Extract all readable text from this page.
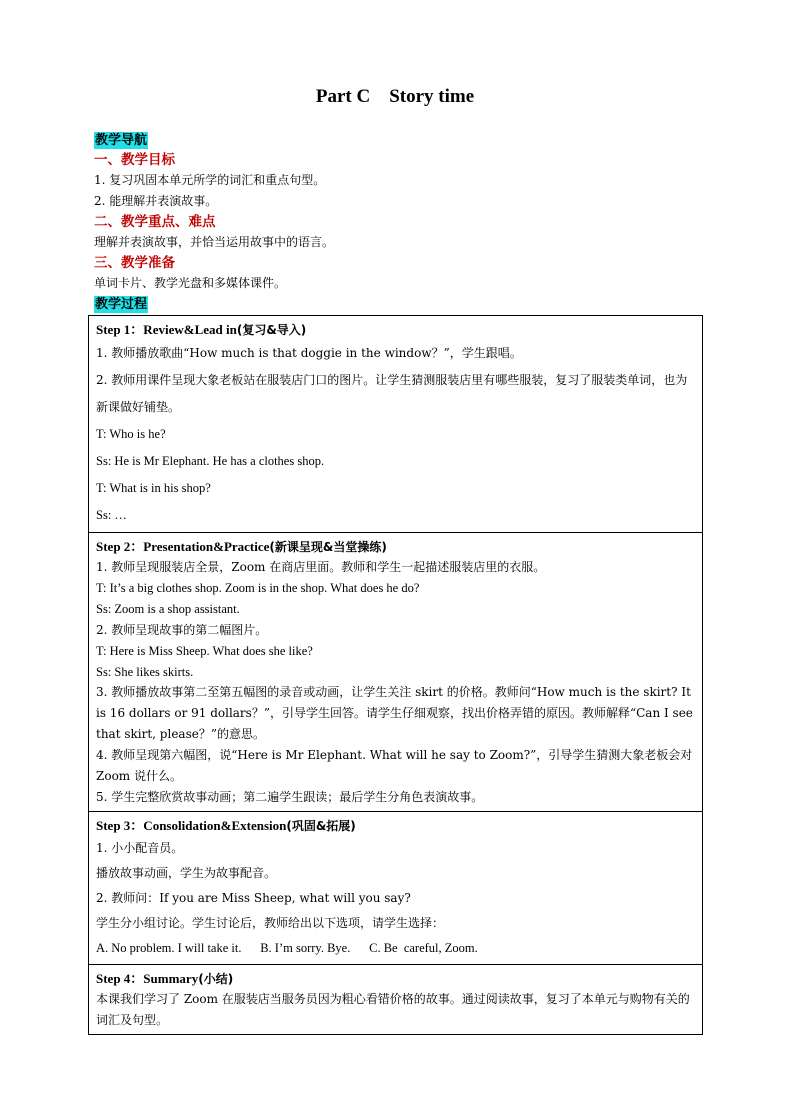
Part C    Story time
教学导航
一、教学目标
1. 复习巩固本单元所学的词汇和重点句型。
2. 能理解并表演故事。
二、教学重点、难点
理解并表演故事，并恰当运用故事中的语言。
三、教学准备
单词卡片、教学光盘和多媒体课件。
教学过程
Step 1：Review&Lead in(复习&导入)
1. 教师播放歌曲“How much is that doggie in the window？”，学生跟唱。
2. 教师用课件呈现大象老板站在服装店门口的图片。让学生猜测服装店里有哪些服装，复习了服装类单词，也为新课做好铺垫。
T: Who is he?
Ss: He is Mr Elephant. He has a clothes shop.
T: What is in his shop?
Ss: …

Step 2：Presentation&Practice(新课呈现&当堂操练)
1. 教师呈现服装店全景，Zoom 在商店里面。教师和学生一起描述服装店里的衣服。
T: It’s a big clothes shop. Zoom is in the shop. What does he do?
Ss: Zoom is a shop assistant.
2. 教师呈现故事的第二幅图片。
T: Here is Miss Sheep. What does she like?
Ss: She likes skirts.
3. 教师播放故事第二至第五幅图的录音或动画，让学生关注 skirt 的价格。教师问“How much is the skirt? It is 16 dollars or 91 dollars？”，引导学生回答。请学生仔细观察，找出价格弄错的原因。教师解释“Can I see that skirt, please？”的意思。
4. 教师呈现第六幅图，说“Here is Mr Elephant. What will he say to Zoom?”，引导学生猜测大象老板会对 Zoom 说什么。
5. 学生完整欣赏故事动画；第二遍学生跟读；最后学生分角色表演故事。

Step 3：Consolidation&Extension(巩固&拓展)
1. 小小配音员。
播放故事动画，学生为故事配音。
2. 教师问：If you are Miss Sheep, what will you say?
学生分小组讨论。学生讨论后，教师给出以下选项，请学生选择：
A. No problem. I will take it.      B. I’m sorry. Bye.      C. Be  careful, Zoom.

Step 4：Summary(小结)
本课我们学习了 Zoom 在服装店当服务员因为粗心看错价格的故事。通过阅读故事，复习了本单元与购物有关的词汇及句型。
